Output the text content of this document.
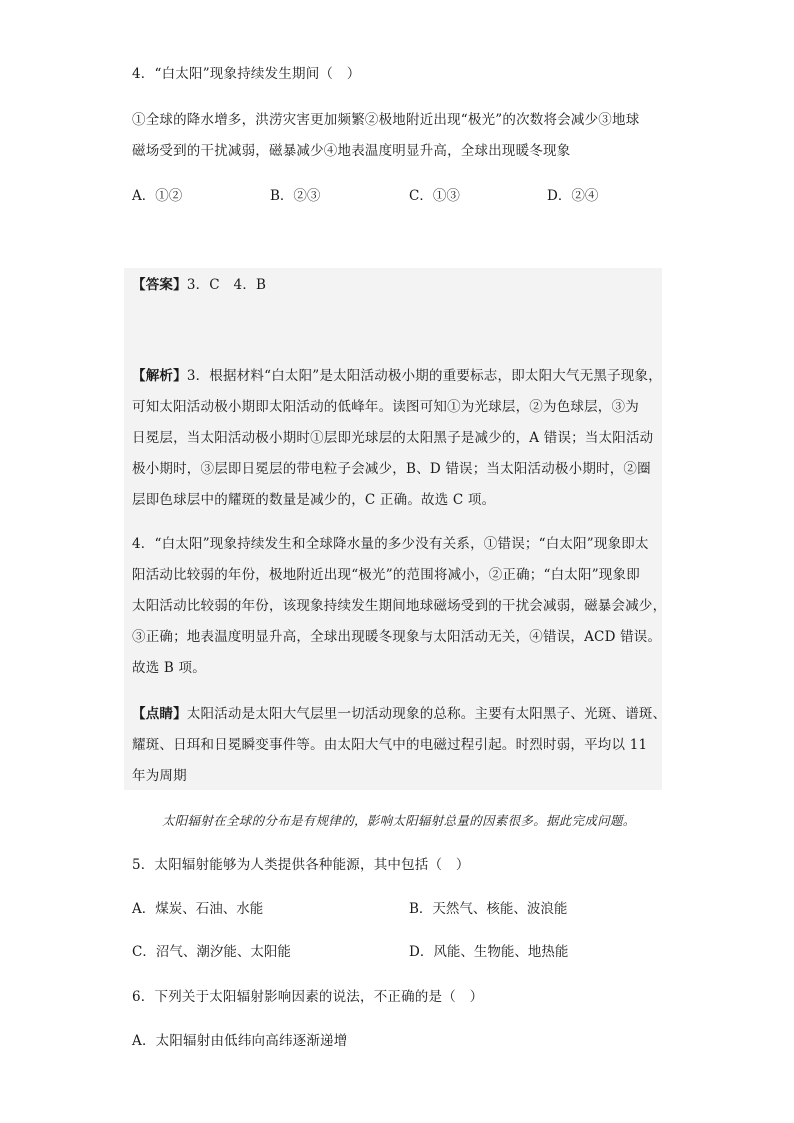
4．“白太阳”现象持续发生期间（　）
①全球的降水增多，洪涝灾害更加频繁②极地附近出现“极光”的次数将会减少③地球
磁场受到的干扰减弱，磁暴减少④地表温度明显升高，全球出现暖冬现象
A．①②	B．②③	C．①③	D．②④
【答案】3．C　4．B
【解析】3．根据材料“白太阳”是太阳活动极小期的重要标志，即太阳大气无黑子现象，
可知太阳活动极小期即太阳活动的低峰年。读图可知①为光球层，②为色球层，③为
日冕层，当太阳活动极小期时①层即光球层的太阳黑子是减少的，A 错误；当太阳活动
极小期时，③层即日冕层的带电粒子会减少，B、D 错误；当太阳活动极小期时，②圈
层即色球层中的耀斑的数量是减少的，C 正确。故选 C 项。
4．“白太阳”现象持续发生和全球降水量的多少没有关系，①错误；“白太阳”现象即太
阳活动比较弱的年份，极地附近出现“极光”的范围将减小，②正确；“白太阳”现象即
太阳活动比较弱的年份，该现象持续发生期间地球磁场受到的干扰会减弱，磁暴会减少，
③正确；地表温度明显升高，全球出现暖冬现象与太阳活动无关，④错误，ACD 错误。
故选 B 项。
【点睛】太阳活动是太阳大气层里一切活动现象的总称。主要有太阳黑子、光斑、谱斑、
耀斑、日珥和日冕瞬变事件等。由太阳大气中的电磁过程引起。时烈时弱，平均以 11
年为周期
太阳辐射在全球的分布是有规律的，影响太阳辐射总量的因素很多。据此完成问题。
5．太阳辐射能够为人类提供各种能源，其中包括（　）
A．煤炭、石油、水能	B．天然气、核能、波浪能
C．沼气、潮汐能、太阳能	D．风能、生物能、地热能
6．下列关于太阳辐射影响因素的说法，不正确的是（　）
A．太阳辐射由低纬向高纬逐渐递增
